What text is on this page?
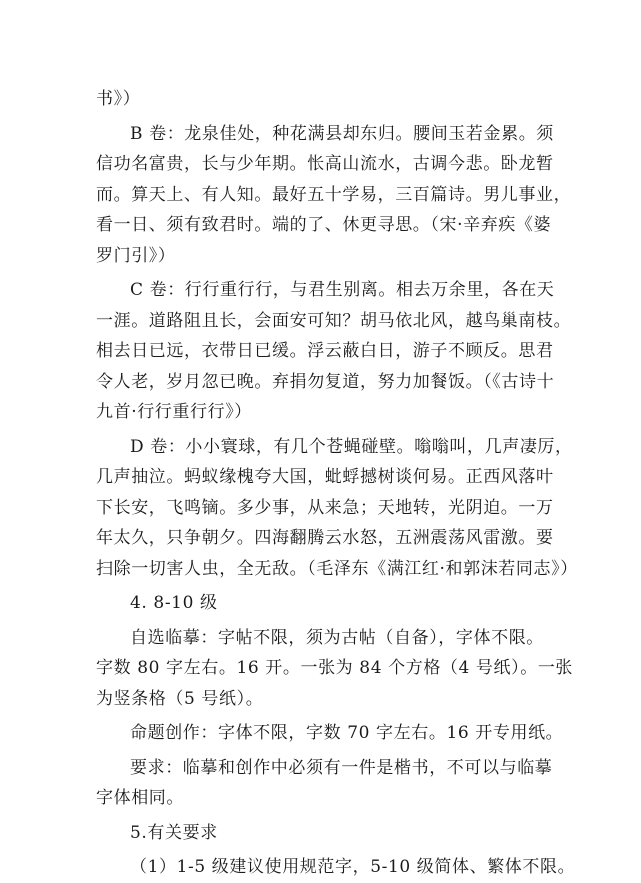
书》）
B 卷：龙泉佳处，种花满县却东归。腰间玉若金累。须
信功名富贵，长与少年期。怅高山流水，古调今悲。卧龙暂
而。算天上、有人知。最好五十学易，三百篇诗。男儿事业，
看一日、须有致君时。端的了、休更寻思。（宋·辛弃疾《婆
罗门引》）
C 卷：行行重行行，与君生别离。相去万余里，各在天
一涯。道路阻且长，会面安可知？胡马依北风，越鸟巢南枝。
相去日已远，衣带日已缓。浮云蔽白日，游子不顾反。思君
令人老，岁月忽已晚。弃捐勿复道，努力加餐饭。（《古诗十
九首·行行重行行》）
D 卷：小小寰球，有几个苍蝇碰壁。嗡嗡叫，几声凄厉，
几声抽泣。蚂蚁缘槐夸大国，蚍蜉撼树谈何易。正西风落叶
下长安，飞鸣镝。多少事，从来急；天地转，光阴迫。一万
年太久，只争朝夕。四海翻腾云水怒，五洲震荡风雷激。要
扫除一切害人虫，全无敌。（毛泽东《满江红·和郭沫若同志》）
4. 8-10 级
自选临摹：字帖不限，须为古帖（自备），字体不限。
字数 80 字左右。16 开。一张为 84 个方格（4 号纸）。一张
为竖条格（5 号纸）。
命题创作：字体不限，字数 70 字左右。16 开专用纸。
要求：临摹和创作中必须有一件是楷书，不可以与临摹
字体相同。
5.有关要求
（1）1-5 级建议使用规范字，5-10 级简体、繁体不限。
